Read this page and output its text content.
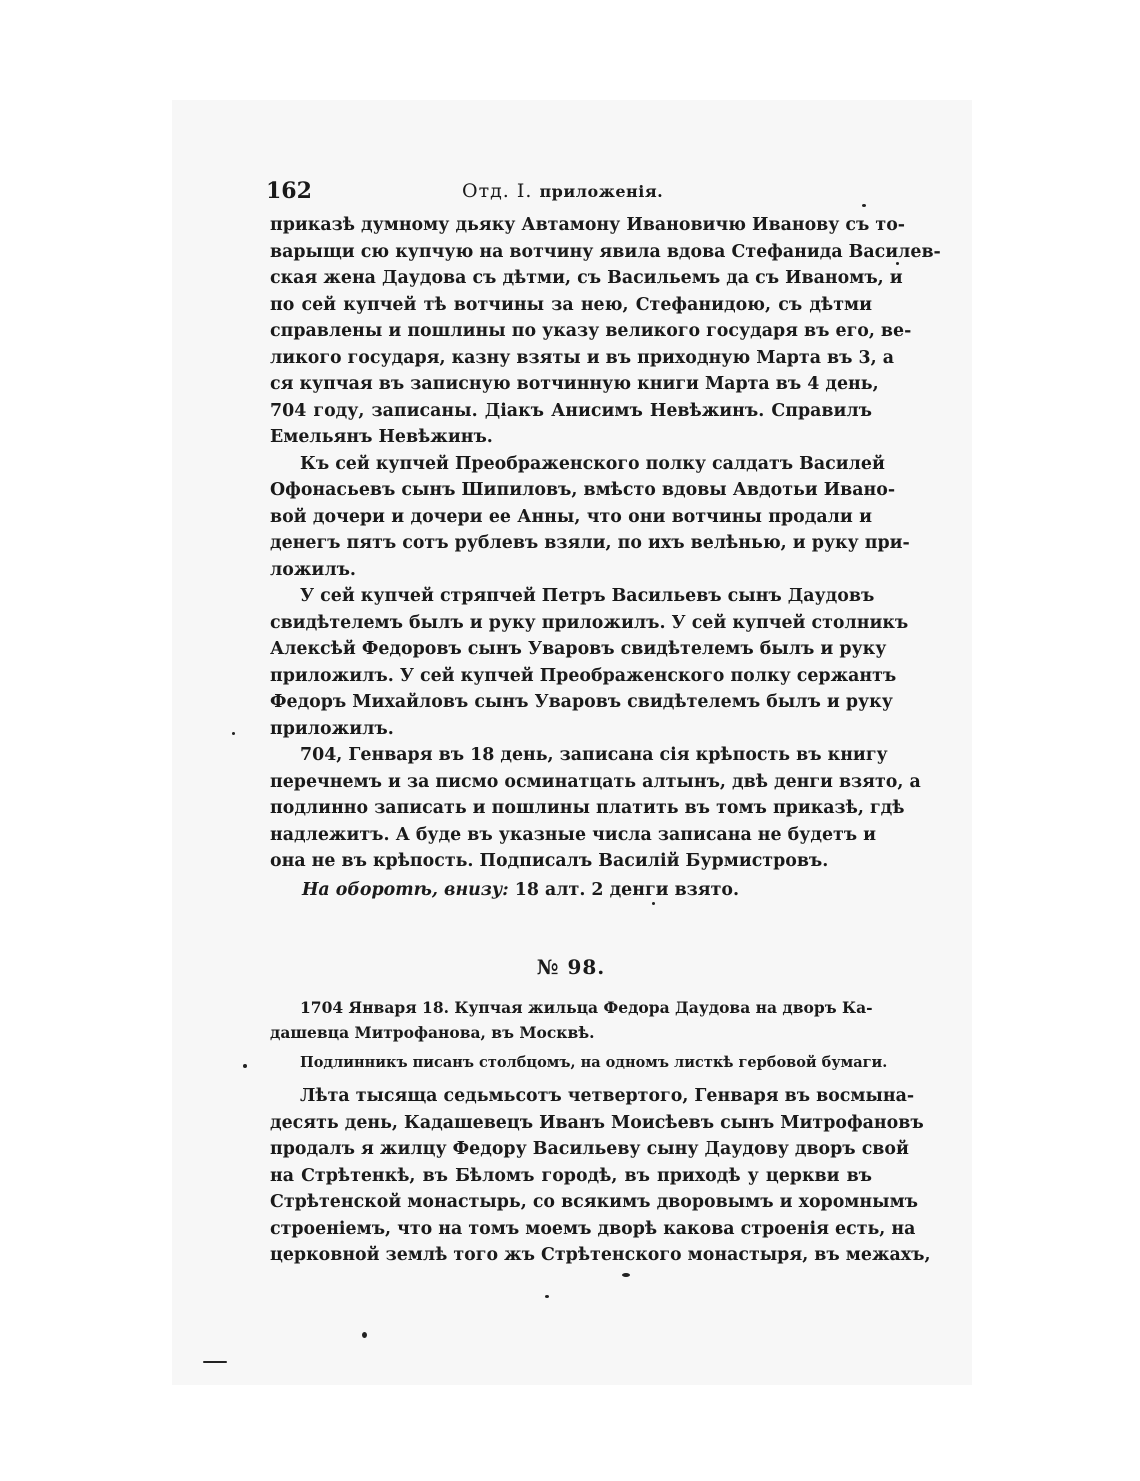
162	Отд. I. приложенія.
приказѣ думному дьяку Автамону Ивановичю Иванову съ то-
варыщи сю купчую на вотчину явила вдова Стефанида Василев-
ская жена Даудова съ дѣтми, съ Васильемъ да съ Иваномъ, и
по сей купчей тѣ вотчины за нею, Стефанидою, съ дѣтми
справлены и пошлины по указу великого государя въ его, ве-
ликого государя, казну взяты и въ приходную Марта въ 3, а
ся купчая въ записную вотчинную книги Марта въ 4 день,
704 году, записаны. Діакъ Анисимъ Невѣжинъ. Справилъ
Емельянъ Невѣжинъ.
Къ сей купчей Преображенского полку салдатъ Василей
Офонасьевъ сынъ Шипиловъ, вмѣсто вдовы Авдотьи Ивано-
вой дочери и дочери ее Анны, что они вотчины продали и
денегъ пятъ сотъ рублевъ взяли, по ихъ велѣнью, и руку при-
ложилъ.
У сей купчей стряпчей Петръ Васильевъ сынъ Даудовъ
свидѣтелемъ былъ и руку приложилъ. У сей купчей столникъ
Алексѣй Федоровъ сынъ Уваровъ свидѣтелемъ былъ и руку
приложилъ. У сей купчей Преображенского полку сержантъ
Федоръ Михайловъ сынъ Уваровъ свидѣтелемъ былъ и руку
приложилъ.
704, Генваря въ 18 день, записана сія крѣпость въ книгу
перечнемъ и за писмо осминатцать алтынъ, двѣ денги взято, а
подлинно записать и пошлины платить въ томъ приказѣ, гдѣ
надлежитъ. А буде въ указные числа записана не будетъ и
она не въ крѣпость. Подписалъ Василій Бурмистровъ.
На оборотѣ, внизу: 18 алт. 2 денги взято.
№ 98.
1704 Января 18. Купчая жильца Федора Даудова на дворъ Ка-
дашевца Митрофанова, въ Москвѣ.
Подлинникъ писанъ столбцомъ, на одномъ листкѣ гербовой бумаги.
Лѣта тысяща седьмьсотъ четвертого, Генваря въ восмына-
десять день, Кадашевецъ Иванъ Моисѣевъ сынъ Митрофановъ
продалъ я жилцу Федору Васильеву сыну Даудову дворъ свой
на Стрѣтенкѣ, въ Бѣломъ городѣ, въ приходѣ у церкви въ
Стрѣтенской монастырь, со всякимъ дворовымъ и хоромнымъ
строеніемъ, что на томъ моемъ дворѣ какова строенія есть, на
церковной землѣ того жъ Стрѣтенского монастыря, въ межахъ,
